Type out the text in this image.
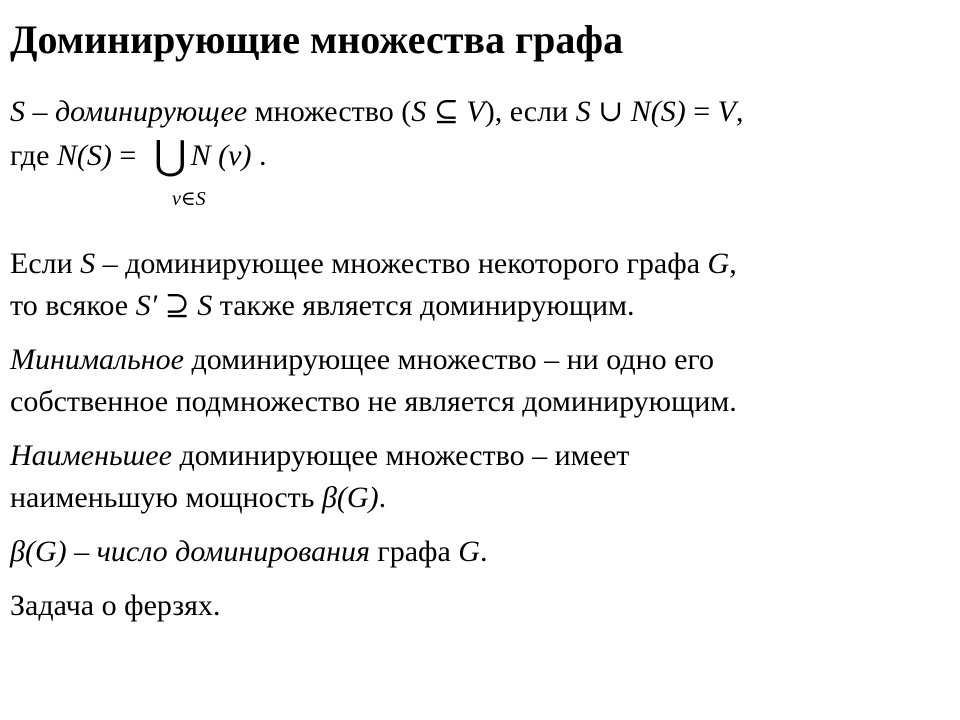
Доминирующие множества графа
S – доминирующее множество (S ⊆ V), если S ∪ N(S) = V,
где N(S) = ⋃ N (v) .
v∈S
Если S – доминирующее множество некоторого графа G,
то всякое S′ ⊇ S также является доминирующим.
Минимальное доминирующее множество – ни одно его
собственное подмножество не является доминирующим.
Наименьшее доминирующее множество – имеет
наименьшую мощность β(G).
β(G) – число доминирования графа G.
Задача о ферзях.
